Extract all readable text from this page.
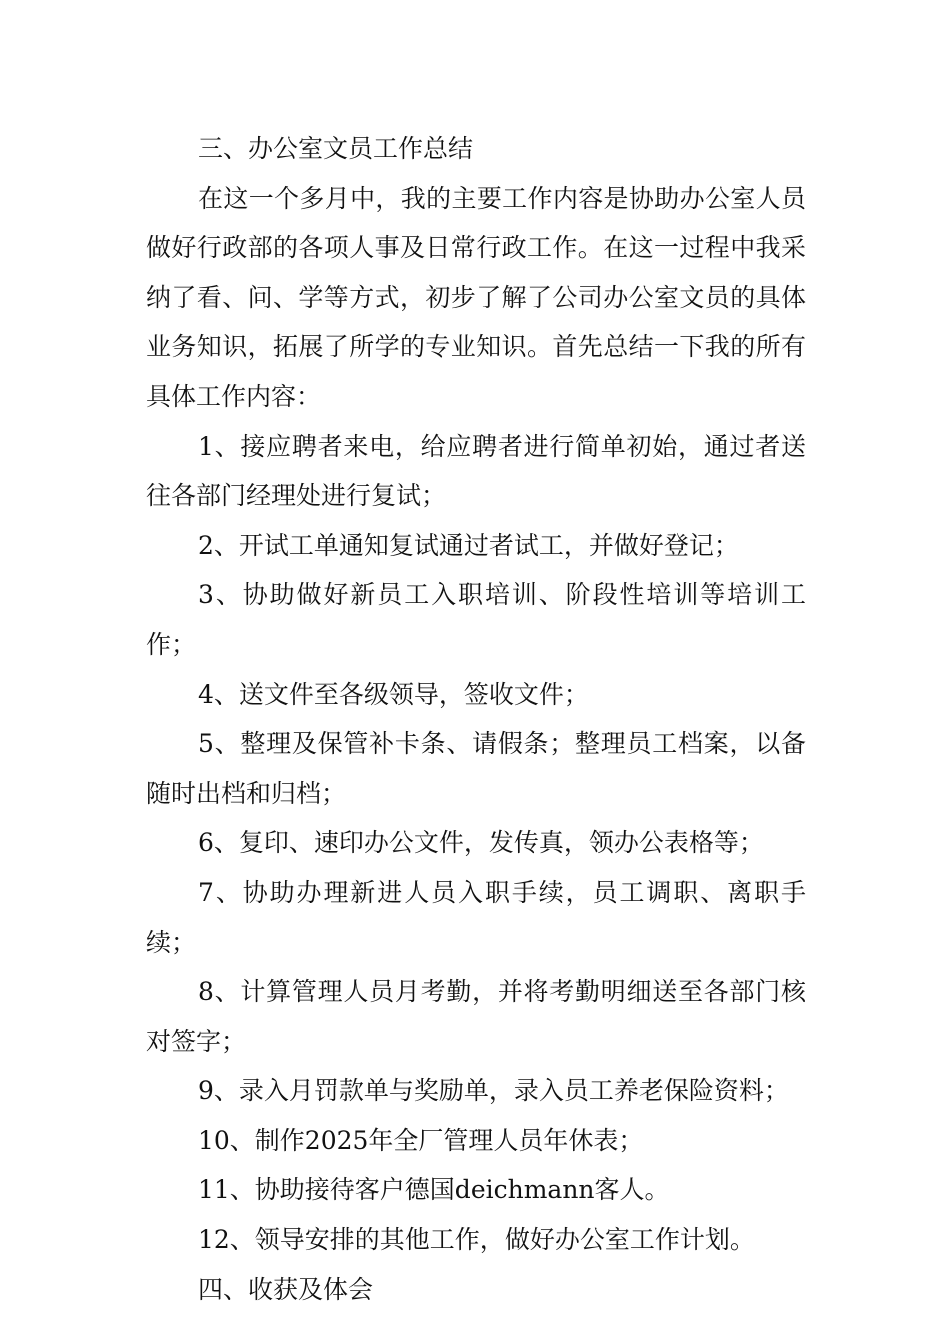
三、办公室文员工作总结

在这一个多月中，我的主要工作内容是协助办公室人员做好行政部的各项人事及日常行政工作。在这一过程中我采纳了看、问、学等方式，初步了解了公司办公室文员的具体业务知识，拓展了所学的专业知识。首先总结一下我的所有具体工作内容：

1、接应聘者来电，给应聘者进行简单初始，通过者送往各部门经理处进行复试；

2、开试工单通知复试通过者试工，并做好登记；

3、协助做好新员工入职培训、阶段性培训等培训工作；

4、送文件至各级领导，签收文件；

5、整理及保管补卡条、请假条；整理员工档案，以备随时出档和归档；

6、复印、速印办公文件，发传真，领办公表格等；

7、协助办理新进人员入职手续，员工调职、离职手续；

8、计算管理人员月考勤，并将考勤明细送至各部门核对签字；

9、录入月罚款单与奖励单，录入员工养老保险资料；

10、制作2025年全厂管理人员年休表；

11、协助接待客户德国deichmann客人。

12、领导安排的其他工作，做好办公室工作计划。

四、收获及体会
